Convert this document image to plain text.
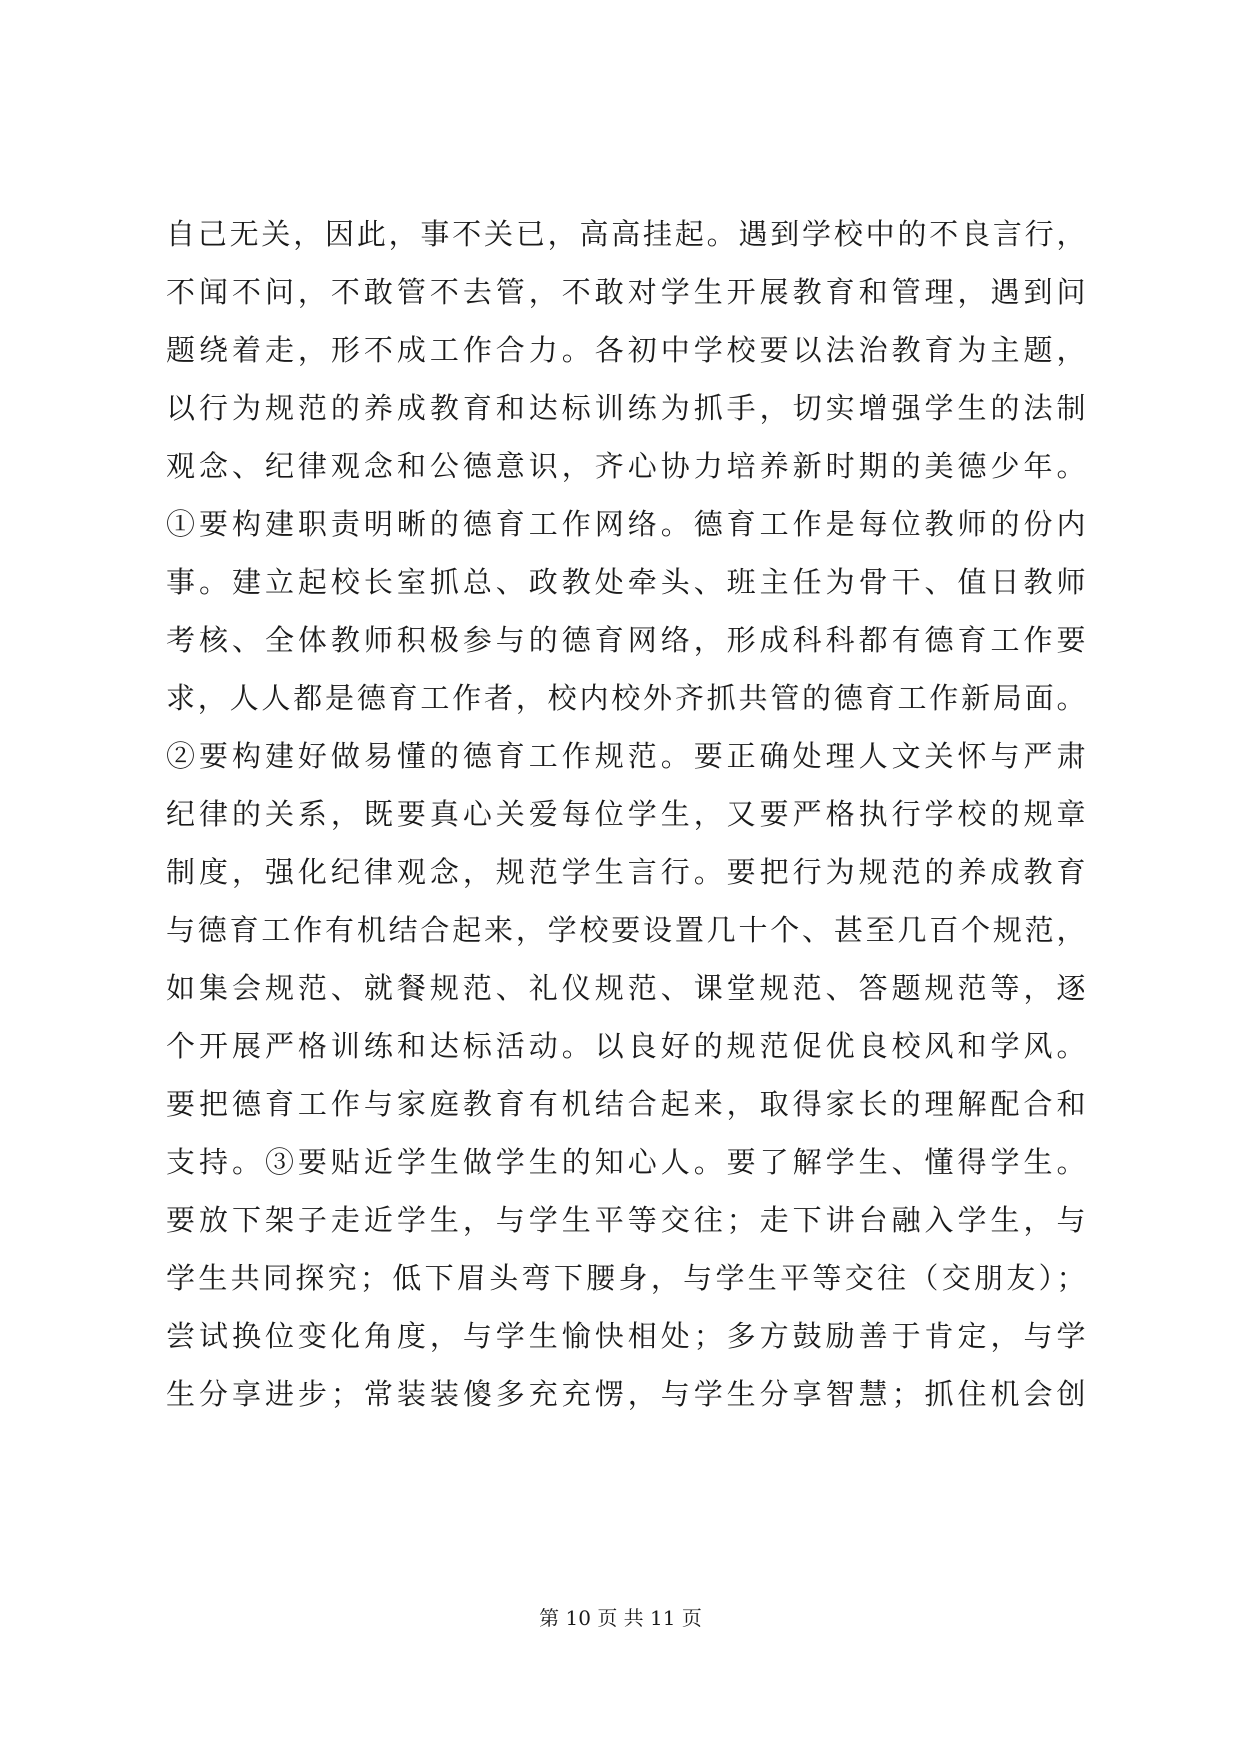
自己无关，因此，事不关已，高高挂起。遇到学校中的不良言行，
不闻不问，不敢管不去管，不敢对学生开展教育和管理，遇到问
题绕着走，形不成工作合力。各初中学校要以法治教育为主题，
以行为规范的养成教育和达标训练为抓手，切实增强学生的法制
观念、纪律观念和公德意识，齐心协力培养新时期的美德少年。
①要构建职责明晰的德育工作网络。德育工作是每位教师的份内
事。建立起校长室抓总、政教处牵头、班主任为骨干、值日教师
考核、全体教师积极参与的德育网络，形成科科都有德育工作要
求，人人都是德育工作者，校内校外齐抓共管的德育工作新局面。
②要构建好做易懂的德育工作规范。要正确处理人文关怀与严肃
纪律的关系，既要真心关爱每位学生，又要严格执行学校的规章
制度，强化纪律观念，规范学生言行。要把行为规范的养成教育
与德育工作有机结合起来，学校要设置几十个、甚至几百个规范，
如集会规范、就餐规范、礼仪规范、课堂规范、答题规范等，逐
个开展严格训练和达标活动。以良好的规范促优良校风和学风。
要把德育工作与家庭教育有机结合起来，取得家长的理解配合和
支持。③要贴近学生做学生的知心人。要了解学生、懂得学生。
要放下架子走近学生，与学生平等交往；走下讲台融入学生，与
学生共同探究；低下眉头弯下腰身，与学生平等交往（交朋友）；
尝试换位变化角度，与学生愉快相处；多方鼓励善于肯定，与学
生分享进步；常装装傻多充充愣，与学生分享智慧；抓住机会创
第 10 页 共 11 页
